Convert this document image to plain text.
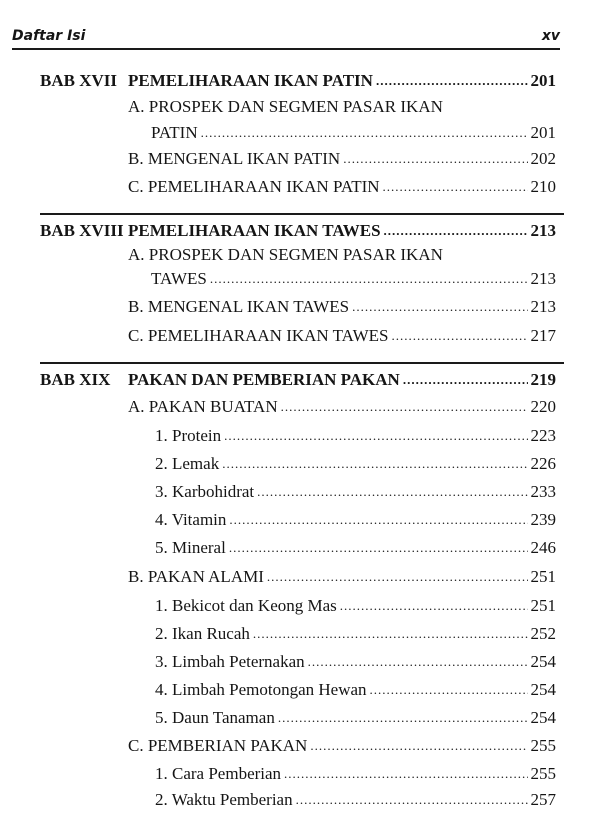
Daftar Isi	xv
BAB XVII PEMELIHARAAN IKAN PATIN	201
.....
A. PROSPEK DAN SEGMEN PASAR IKAN
PATIN	201
.....
B. MENGENAL IKAN PATIN	202
.....
C. PEMELIHARAAN IKAN PATIN	210
.....
BAB XVIII PEMELIHARAAN IKAN TAWES	213
.....
A. PROSPEK DAN SEGMEN PASAR IKAN
TAWES	213
.....
B. MENGENAL IKAN TAWES	213
.....
C. PEMELIHARAAN IKAN TAWES	217
.....
BAB XIX PAKAN DAN PEMBERIAN PAKAN	219
.....
A. PAKAN BUATAN	220
.....
1. Protein	223
.....
2. Lemak	226
.....
3. Karbohidrat	233
.....
4. Vitamin	239
.....
5. Mineral	246
.....
B. PAKAN ALAMI	251
.....
1. Bekicot dan Keong Mas	251
.....
2. Ikan Rucah	252
.....
3. Limbah Peternakan	254
.....
4. Limbah Pemotongan Hewan	254
.....
5. Daun Tanaman	254
.....
C. PEMBERIAN PAKAN	255
.....
1. Cara Pemberian	255
.....
2. Waktu Pemberian	257
.....
